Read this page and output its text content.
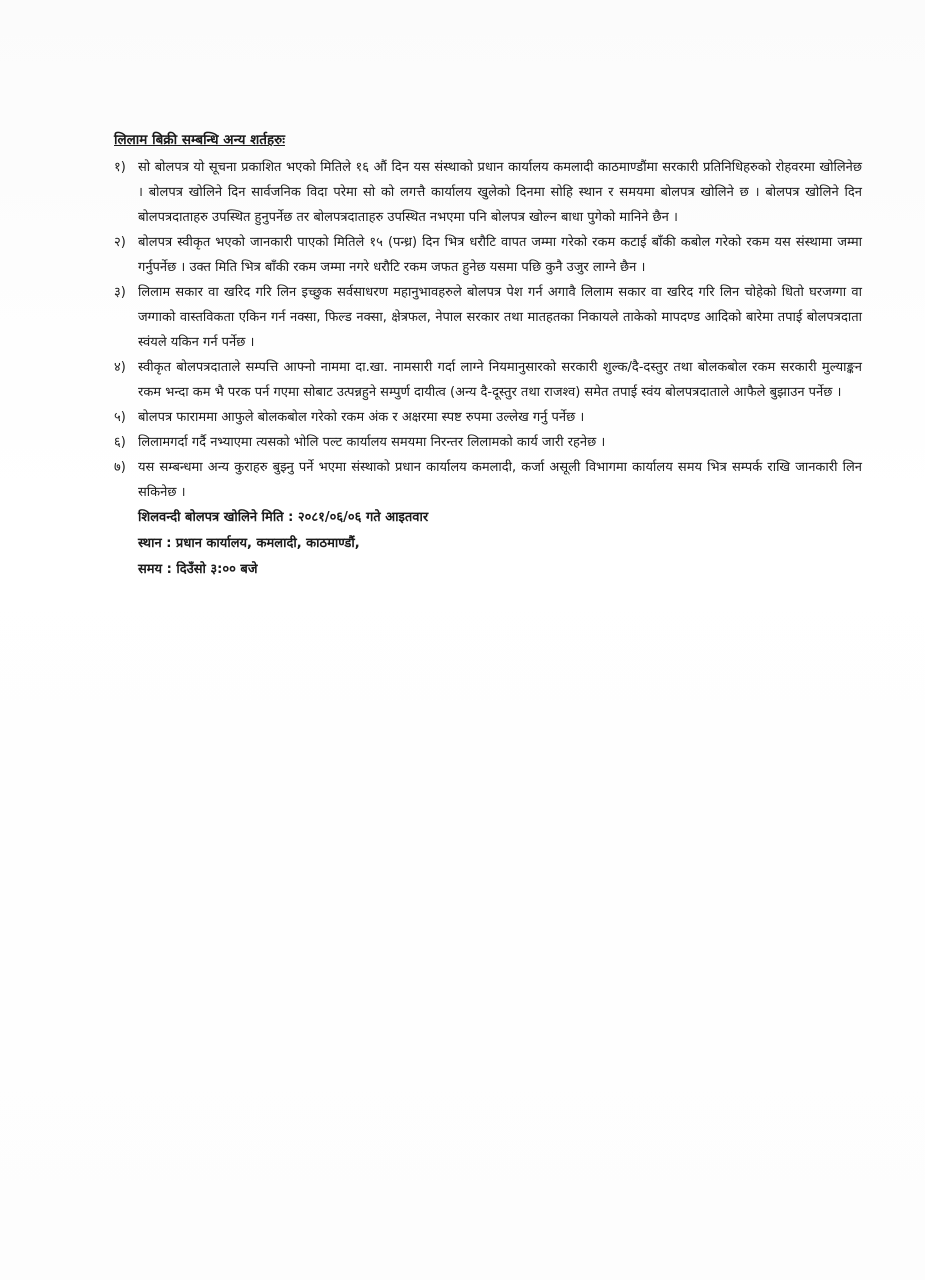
लिलाम बिक्री सम्बन्धि अन्य शर्तहरुः
१) सो बोलपत्र यो सूचना प्रकाशित भएको मितिले १६ औं दिन यस संस्थाको प्रधान कार्यालय कमलादी काठमाण्डौंमा सरकारी प्रतिनिधिहरुको रोहवरमा खोलिनेछ । बोलपत्र खोलिने दिन सार्वजनिक विदा परेमा सो को लगत्तै कार्यालय खुलेको दिनमा सोहि स्थान र समयमा बोलपत्र खोलिने छ । बोलपत्र खोलिने दिन बोलपत्रदाताहरु उपस्थित हुनुपर्नेछ तर बोलपत्रदाताहरु उपस्थित नभएमा पनि बोलपत्र खोल्न बाधा पुगेको मानिने छैन ।
२) बोलपत्र स्वीकृत भएको जानकारी पाएको मितिले १५ (पन्ध्र) दिन भित्र धरौटि वापत जम्मा गरेको रकम कटाई बाँकी कबोल गरेको रकम यस संस्थामा जम्मा गर्नुपर्नेछ । उक्त मिति भित्र बाँकी रकम जम्मा नगरे धरौटि रकम जफत हुनेछ यसमा पछि कुनै उजुर लाग्ने छैन ।
३) लिलाम सकार वा खरिद गरि लिन इच्छुक सर्वसाधरण महानुभावहरुले बोलपत्र पेश गर्न अगावै लिलाम सकार वा खरिद गरि लिन चोहेको धितो घरजग्गा वा जग्गाको वास्तविकता एकिन गर्न नक्सा, फिल्ड नक्सा, क्षेत्रफल, नेपाल सरकार तथा मातहतका निकायले ताकेको मापदण्ड आदिको बारेमा तपाई बोलपत्रदाता स्वंयले यकिन गर्न पर्नेछ ।
४) स्वीकृत बोलपत्रदाताले सम्पत्ति आफ्नो नाममा दा.खा. नामसारी गर्दा लाग्ने नियमानुसारको सरकारी शुल्क/दै-दस्तुर तथा बोलकबोल रकम सरकारी मुल्याङ्कन रकम भन्दा कम भै परक पर्न गएमा सोबाट उत्पन्नहुने सम्पुर्ण दायीत्व (अन्य दै-दूस्तुर तथा राजश्व) समेत तपाई स्वंय बोलपत्रदाताले आफैले बुझाउन पर्नेछ ।
५) बोलपत्र फाराममा आफुले बोलकबोल गरेको रकम अंक र अक्षरमा स्पष्ट रुपमा उल्लेख गर्नु पर्नेछ ।
६) लिलामगर्दा गर्दै नभ्याएमा त्यसको भोलि पल्ट कार्यालय समयमा निरन्तर लिलामको कार्य जारी रहनेछ ।
७) यस सम्बन्धमा अन्य कुराहरु बुझ्नु पर्ने भएमा संस्थाको प्रधान कार्यालय कमलादी, कर्जा असूली विभागमा कार्यालय समय भित्र सम्पर्क राखि जानकारी लिन सकिनेछ ।
शिलवन्दी बोलपत्र खोलिने मिति : २०८१/०६/०६ गते आइतवार
स्थान : प्रधान कार्यालय, कमलादी, काठमाण्डौं,
समय : दिउँसो ३:०० बजे
